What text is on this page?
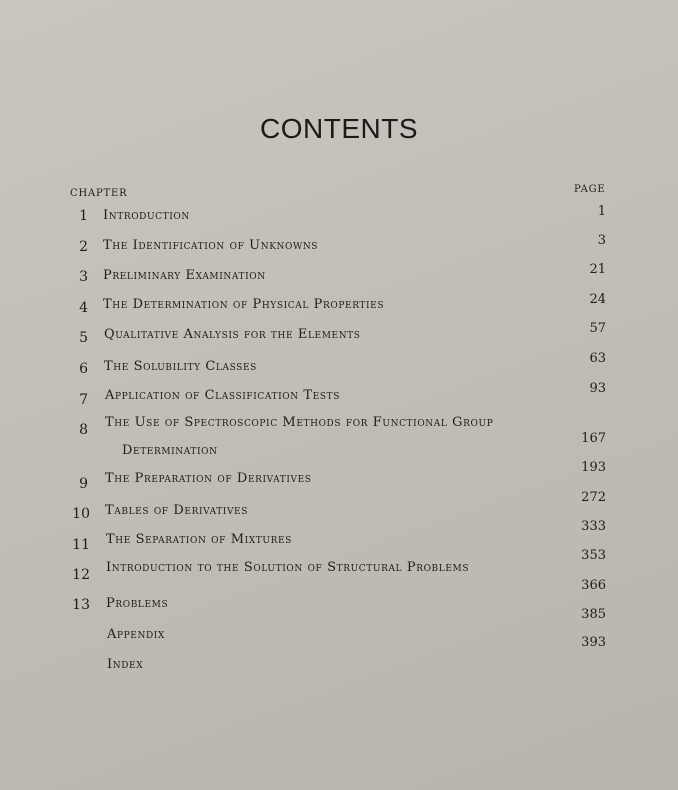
CONTENTS
CHAPTER	PAGE
1
2
3
4
5
6
7
8
9
10
11
12
13
Introduction
The Identification of Unknowns
Preliminary Examination
The Determination of Physical Properties
Qualitative Analysis for the Elements
The Solubility Classes
Application of Classification Tests
The Use of Spectroscopic Methods for Functional Group
Determination
The Preparation of Derivatives
Tables of Derivatives
The Separation of Mixtures
Introduction to the Solution of Structural Problems
Problems
Appendix
Index
1
3
21
24
57
63
93
167
193
272
333
353
366
385
393
